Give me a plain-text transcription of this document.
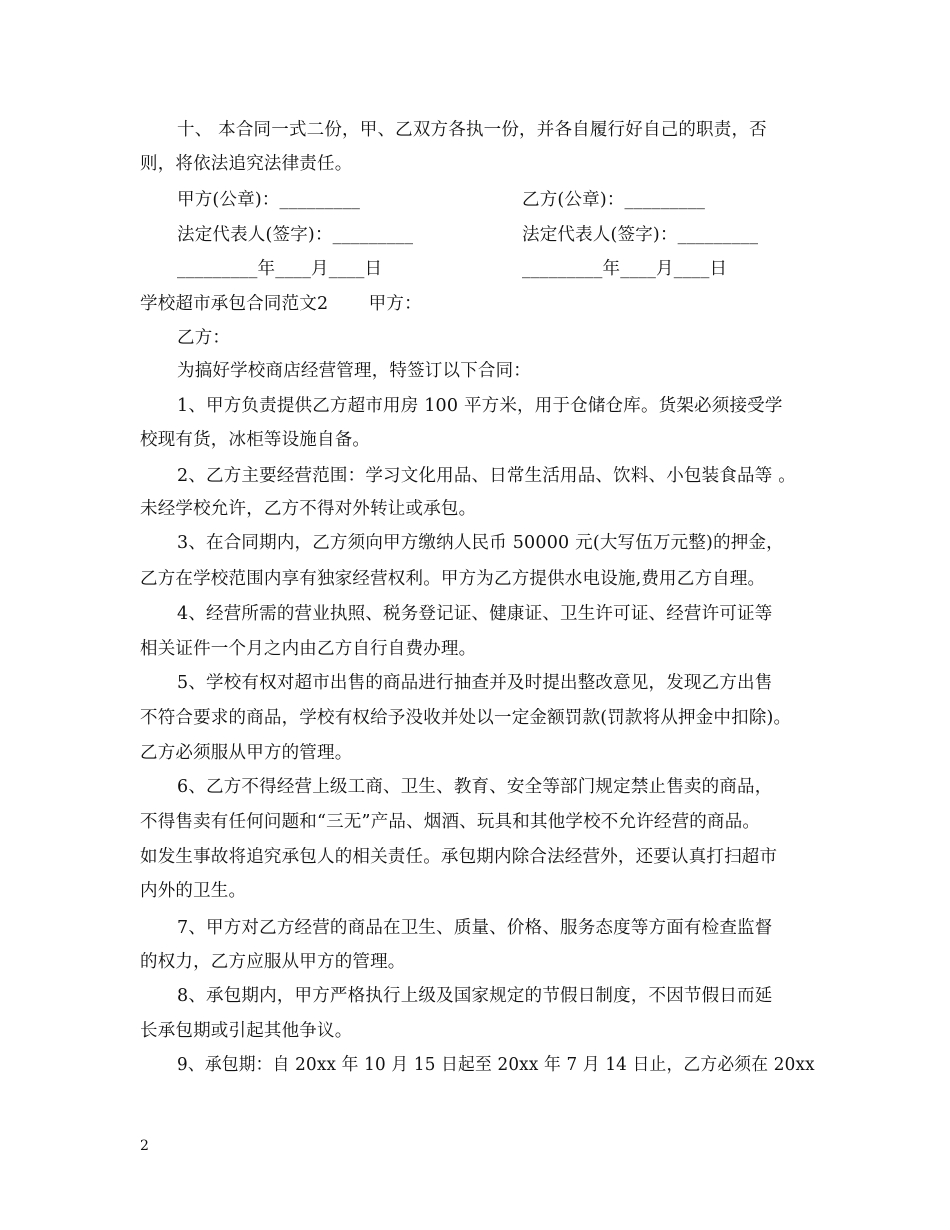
十、 本合同一式二份，甲、乙双方各执一份，并各自履行好自己的职责，否
则，将依法追究法律责任。
甲方(公章)：_________	乙方(公章)：_________
法定代表人(签字)：_________	法定代表人(签字)：_________
_________年____月____日	_________年____月____日
学校超市承包合同范文2       甲方：
乙方：
为搞好学校商店经营管理，特签订以下合同：
1、甲方负责提供乙方超市用房 100 平方米，用于仓储仓库。货架必须接受学
校现有货，冰柜等设施自备。
2、乙方主要经营范围：学习文化用品、日常生活用品、饮料、小包装食品等 。
未经学校允许，乙方不得对外转让或承包。
3、在合同期内，乙方须向甲方缴纳人民币 50000 元(大写伍万元整)的押金，
乙方在学校范围内享有独家经营权利。甲方为乙方提供水电设施,费用乙方自理。
4、经营所需的营业执照、税务登记证、健康证、卫生许可证、经营许可证等
相关证件一个月之内由乙方自行自费办理。
5、学校有权对超市出售的商品进行抽查并及时提出整改意见，发现乙方出售
不符合要求的商品，学校有权给予没收并处以一定金额罚款(罚款将从押金中扣除)。
乙方必须服从甲方的管理。
6、乙方不得经营上级工商、卫生、教育、安全等部门规定禁止售卖的商品，
不得售卖有任何问题和“三无”产品、烟酒、玩具和其他学校不允许经营的商品。
如发生事故将追究承包人的相关责任。承包期内除合法经营外，还要认真打扫超市
内外的卫生。
7、甲方对乙方经营的商品在卫生、质量、价格、服务态度等方面有检查监督
的权力，乙方应服从甲方的管理。
8、承包期内，甲方严格执行上级及国家规定的节假日制度，不因节假日而延
长承包期或引起其他争议。
9、承包期：自 20xx 年 10 月 15 日起至 20xx 年 7 月 14 日止，乙方必须在 20xx
2
